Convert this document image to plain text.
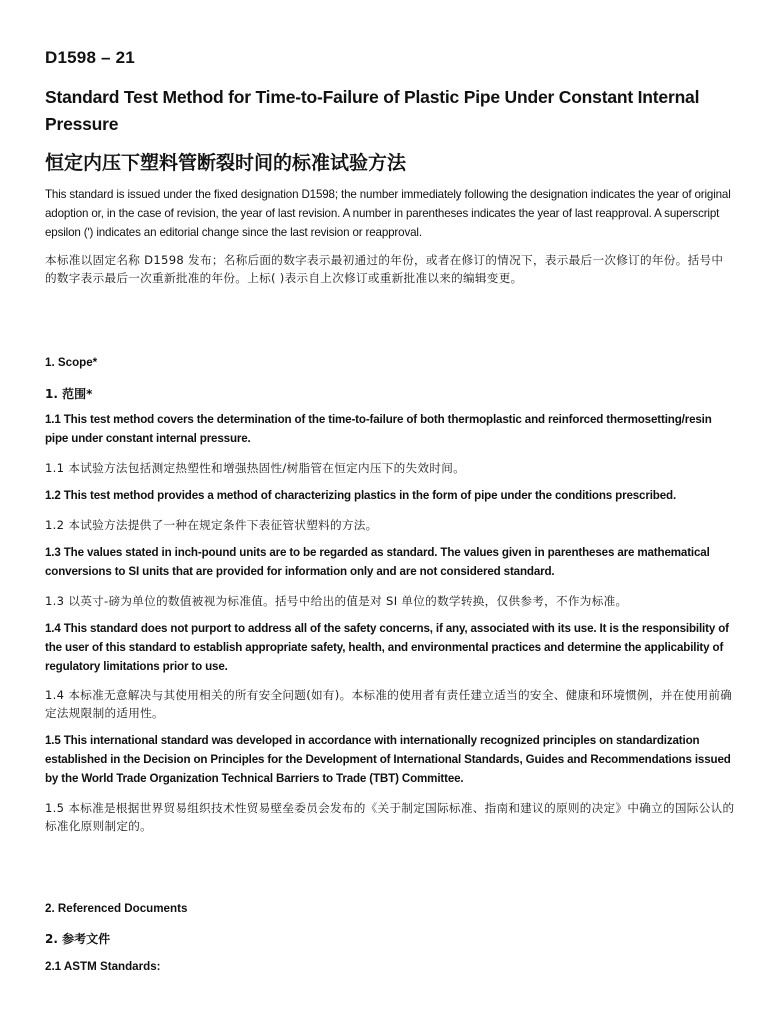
D1598 – 21
Standard Test Method for Time-to-Failure of Plastic Pipe Under Constant Internal Pressure
恒定内压下塑料管断裂时间的标准试验方法
This standard is issued under the fixed designation D1598; the number immediately following the designation indicates the year of original adoption or, in the case of revision, the year of last revision. A number in parentheses indicates the year of last reapproval. A superscript epsilon (ʹ) indicates an editorial change since the last revision or reapproval.
本标准以固定名称 D1598 发布；名称后面的数字表示最初通过的年份，或者在修订的情况下，表示最后一次修订的年份。括号中的数字表示最后一次重新批准的年份。上标( )表示自上次修订或重新批准以来的编辑变更。
1. Scope*
1. 范围*
1.1 This test method covers the determination of the time-to-failure of both thermoplastic and reinforced thermosetting/resin pipe under constant internal pressure.
1.1 本试验方法包括测定热塑性和增强热固性/树脂管在恒定内压下的失效时间。
1.2 This test method provides a method of characterizing plastics in the form of pipe under the conditions prescribed.
1.2 本试验方法提供了一种在规定条件下表征管状塑料的方法。
1.3 The values stated in inch-pound units are to be regarded as standard. The values given in parentheses are mathematical conversions to SI units that are provided for information only and are not considered standard.
1.3 以英寸-磅为单位的数值被视为标准值。括号中给出的值是对 SI 单位的数学转换，仅供参考，不作为标准。
1.4 This standard does not purport to address all of the safety concerns, if any, associated with its use. It is the responsibility of the user of this standard to establish appropriate safety, health, and environmental practices and determine the applicability of regulatory limitations prior to use.
1.4 本标准无意解决与其使用相关的所有安全问题(如有)。本标准的使用者有责任建立适当的安全、健康和环境惯例，并在使用前确定法规限制的适用性。
1.5 This international standard was developed in accordance with internationally recognized principles on standardization established in the Decision on Principles for the Development of International Standards, Guides and Recommendations issued by the World Trade Organization Technical Barriers to Trade (TBT) Committee.
1.5 本标准是根据世界贸易组织技术性贸易壁垒委员会发布的《关于制定国际标准、指南和建议的原则的决定》中确立的国际公认的标准化原则制定的。
2. Referenced Documents
2. 参考文件
2.1 ASTM Standards:
